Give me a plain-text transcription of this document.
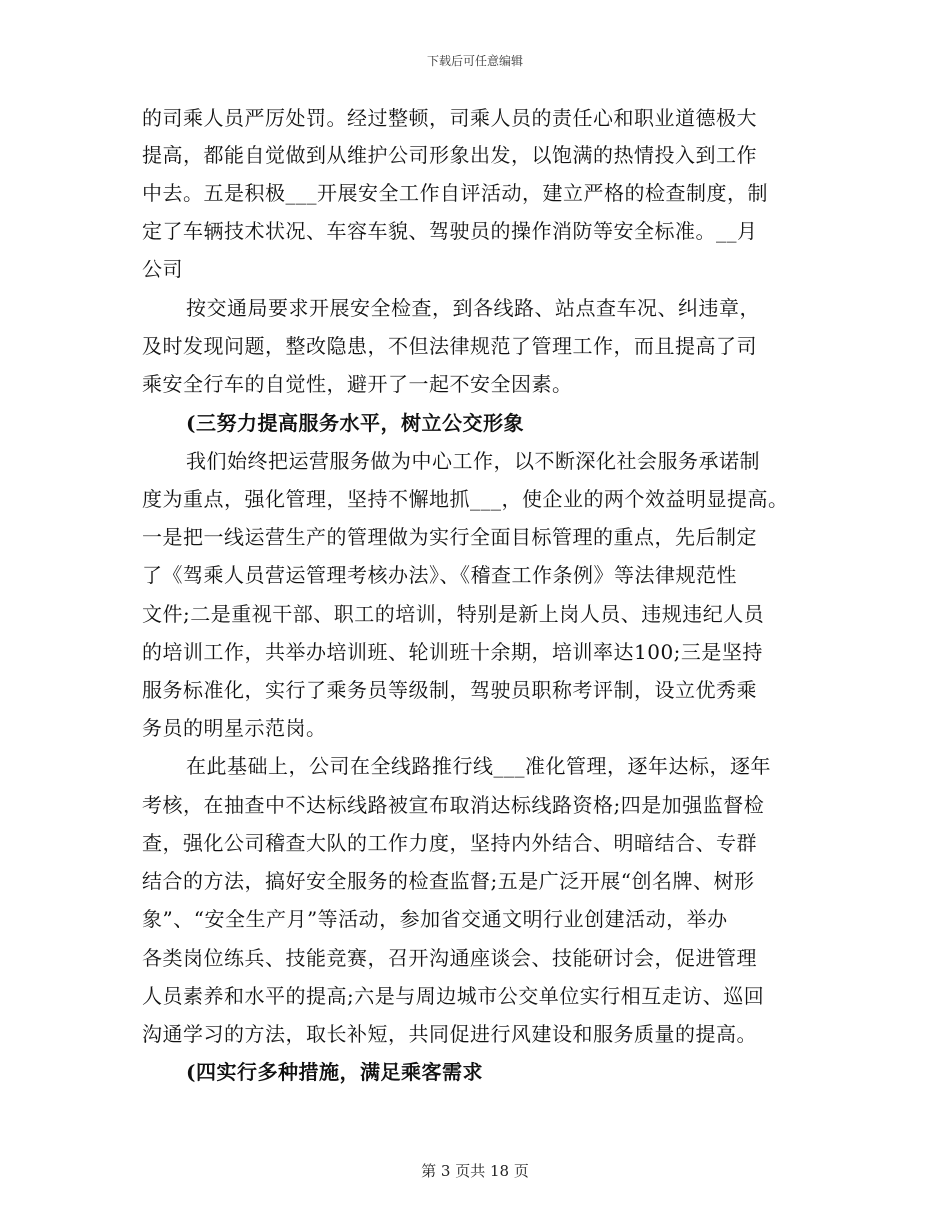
下载后可任意编辑
的司乘人员严厉处罚。经过整顿，司乘人员的责任心和职业道德极大
提高，都能自觉做到从维护公司形象出发，以饱满的热情投入到工作
中去。五是积极___开展安全工作自评活动，建立严格的检查制度，制
定了车辆技术状况、车容车貌、驾驶员的操作消防等安全标准。__月
公司
按交通局要求开展安全检查，到各线路、站点查车况、纠违章，
及时发现问题，整改隐患，不但法律规范了管理工作，而且提高了司
乘安全行车的自觉性，避开了一起不安全因素。
(三努力提高服务水平，树立公交形象
我们始终把运营服务做为中心工作，以不断深化社会服务承诺制
度为重点，强化管理，坚持不懈地抓___，使企业的两个效益明显提高。
一是把一线运营生产的管理做为实行全面目标管理的重点，先后制定
了《驾乘人员营运管理考核办法》、《稽查工作条例》等法律规范性
文件;二是重视干部、职工的培训，特别是新上岗人员、违规违纪人员
的培训工作，共举办培训班、轮训班十余期，培训率达100;三是坚持
服务标准化，实行了乘务员等级制，驾驶员职称考评制，设立优秀乘
务员的明星示范岗。
在此基础上，公司在全线路推行线___准化管理，逐年达标，逐年
考核，在抽查中不达标线路被宣布取消达标线路资格;四是加强监督检
查，强化公司稽查大队的工作力度，坚持内外结合、明暗结合、专群
结合的方法，搞好安全服务的检查监督;五是广泛开展“创名牌、树形
象”、“安全生产月”等活动，参加省交通文明行业创建活动，举办
各类岗位练兵、技能竞赛，召开沟通座谈会、技能研讨会，促进管理
人员素养和水平的提高;六是与周边城市公交单位实行相互走访、巡回
沟通学习的方法，取长补短，共同促进行风建设和服务质量的提高。
(四实行多种措施，满足乘客需求
第 3 页共 18 页
